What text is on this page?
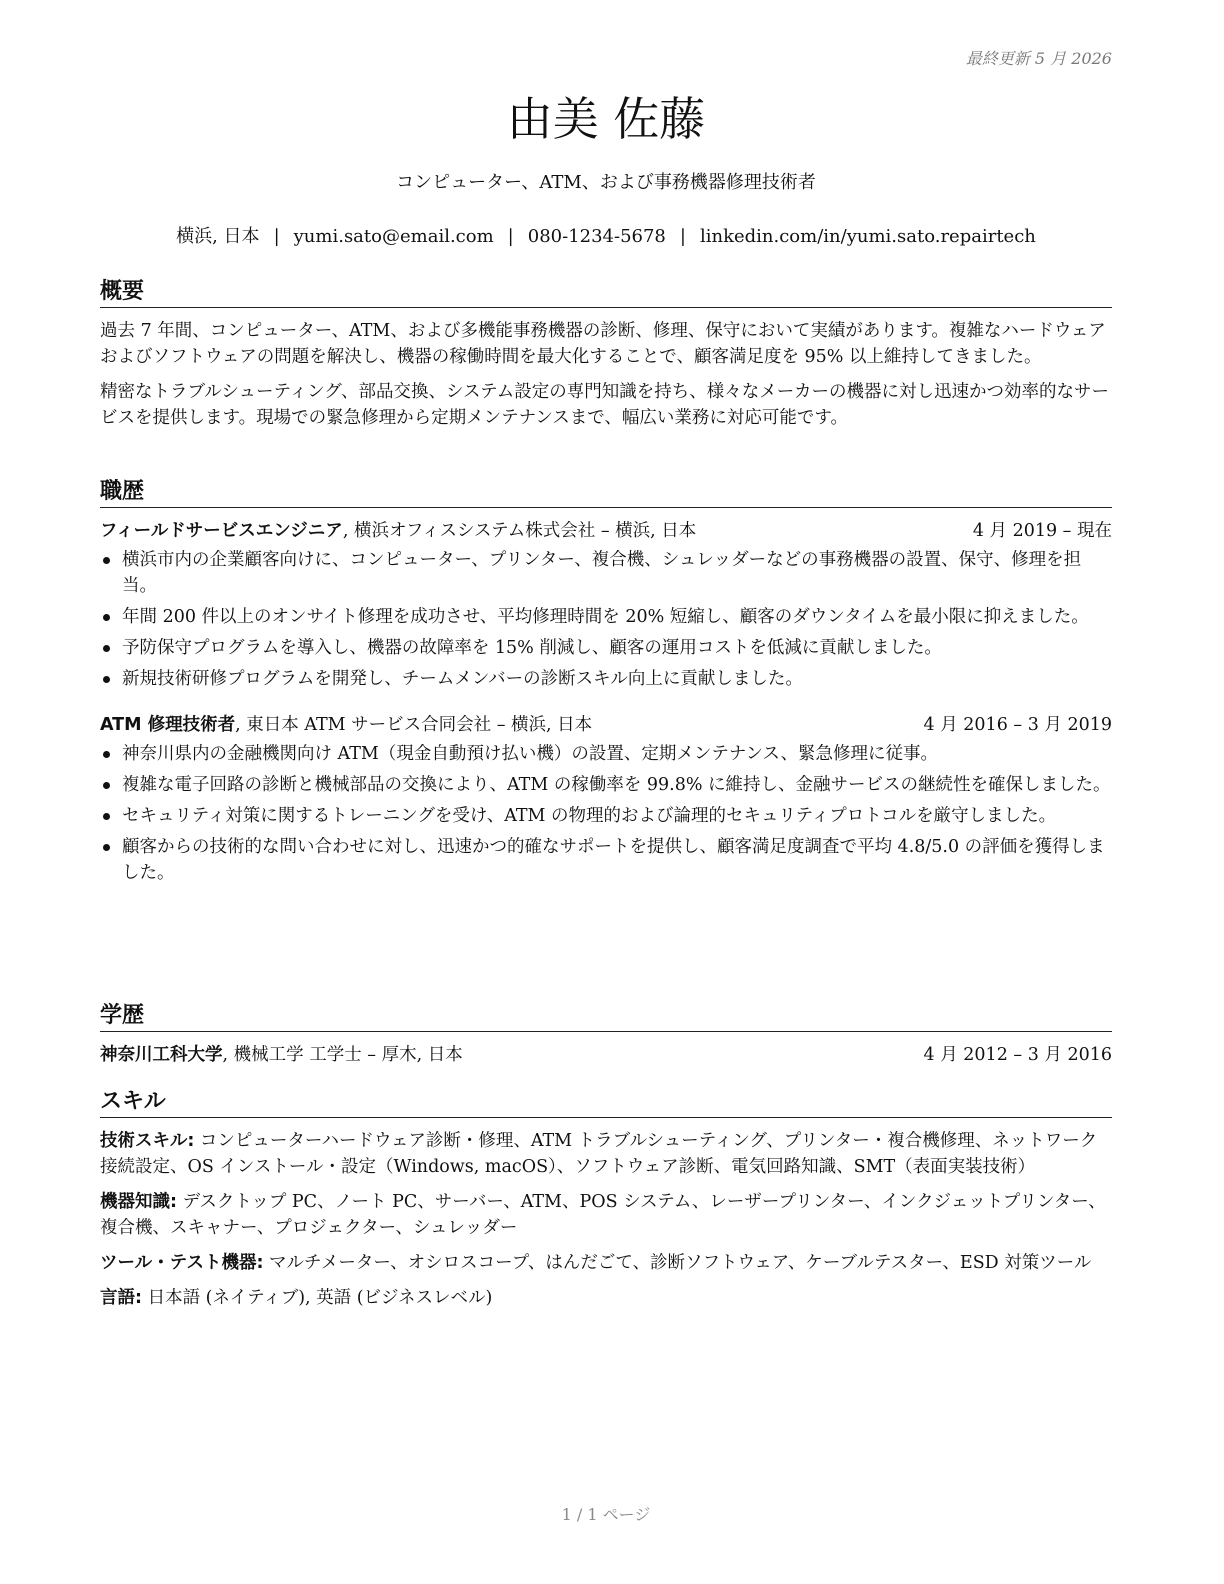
最終更新 5 月 2026
由美 佐藤
コンピューター、ATM、および事務機器修理技術者
横浜, 日本 | yumi.sato@email.com | 080-1234-5678 | linkedin.com/in/yumi.sato.repairtech
概要

過去 7 年間、コンピューター、ATM、および多機能事務機器の診断、修理、保守において実績があります。複雑なハードウェアおよびソフトウェアの問題を解決し、機器の稼働時間を最大化することで、顧客満足度を 95% 以上維持してきました。

精密なトラブルシューティング、部品交換、システム設定の専門知識を持ち、様々なメーカーの機器に対し迅速かつ効率的なサービスを提供します。現場での緊急修理から定期メンテナンスまで、幅広い業務に対応可能です。

職歴
フィールドサービスエンジニア, 横浜オフィスシステム株式会社 – 横浜, 日本	4 月 2019 – 現在
横浜市内の企業顧客向けに、コンピューター、プリンター、複合機、シュレッダーなどの事務機器の設置、保守、修理を担当。
年間 200 件以上のオンサイト修理を成功させ、平均修理時間を 20% 短縮し、顧客のダウンタイムを最小限に抑えました。
予防保守プログラムを導入し、機器の故障率を 15% 削減し、顧客の運用コストを低減に貢献しました。
新規技術研修プログラムを開発し、チームメンバーの診断スキル向上に貢献しました。
ATM 修理技術者, 東日本 ATM サービス合同会社 – 横浜, 日本	4 月 2016 – 3 月 2019
神奈川県内の金融機関向け ATM（現金自動預け払い機）の設置、定期メンテナンス、緊急修理に従事。
複雑な電子回路の診断と機械部品の交換により、ATM の稼働率を 99.8% に維持し、金融サービスの継続性を確保しました。
セキュリティ対策に関するトレーニングを受け、ATM の物理的および論理的セキュリティプロトコルを厳守しました。
顧客からの技術的な問い合わせに対し、迅速かつ的確なサポートを提供し、顧客満足度調査で平均 4.8/5.0 の評価を獲得しました。
学歴
神奈川工科大学, 機械工学 工学士 – 厚木, 日本	4 月 2012 – 3 月 2016
スキル

技術スキル: コンピューターハードウェア診断・修理、ATM トラブルシューティング、プリンター・複合機修理、ネットワーク接続設定、OS インストール・設定（Windows, macOS）、ソフトウェア診断、電気回路知識、SMT（表面実装技術）

機器知識: デスクトップ PC、ノート PC、サーバー、ATM、POS システム、レーザープリンター、インクジェットプリンター、複合機、スキャナー、プロジェクター、シュレッダー

ツール・テスト機器: マルチメーター、オシロスコープ、はんだごて、診断ソフトウェア、ケーブルテスター、ESD 対策ツール

言語: 日本語 (ネイティブ), 英語 (ビジネスレベル)

1 / 1 ページ
